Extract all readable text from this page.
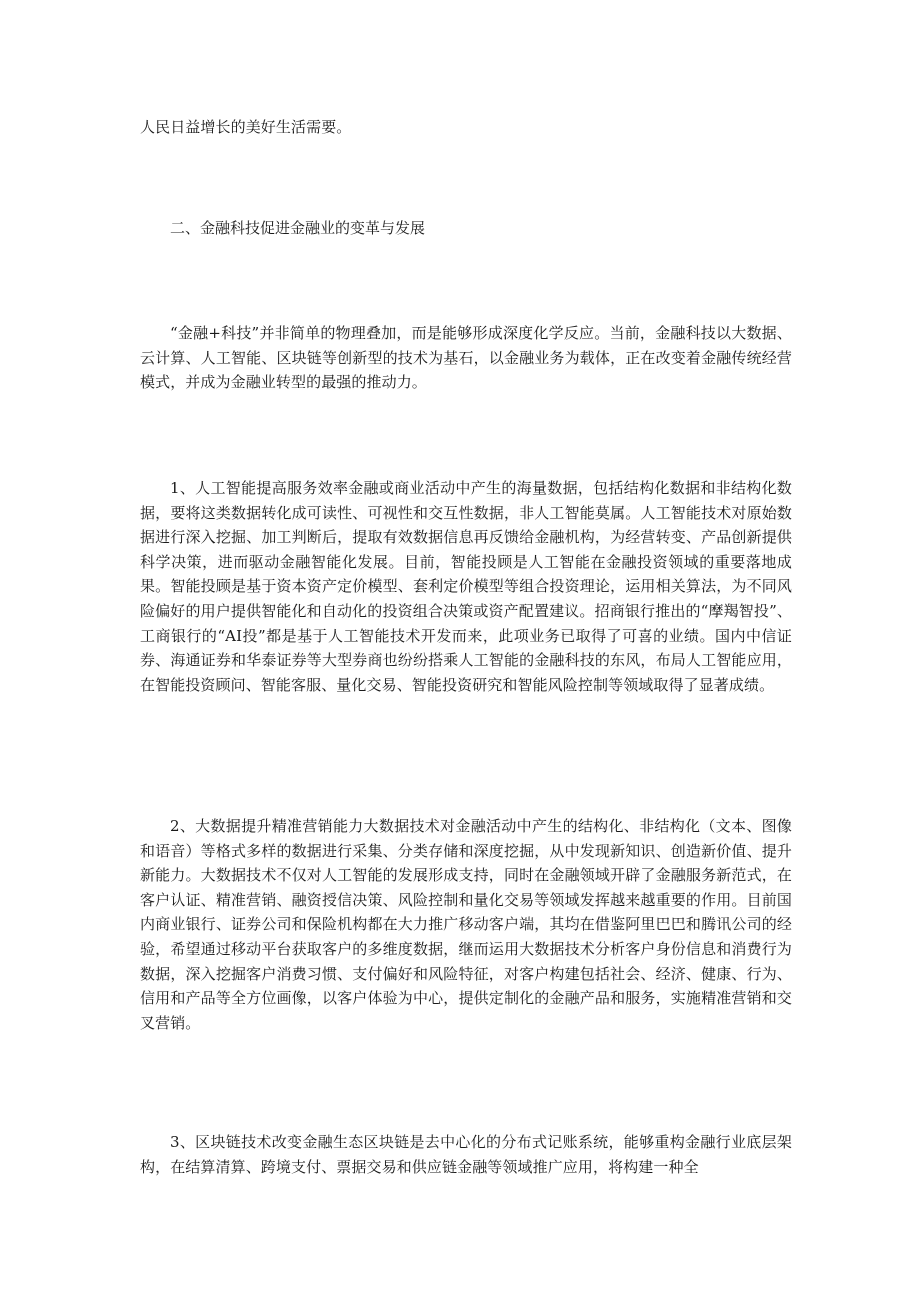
人民日益增长的美好生活需要。

二、金融科技促进金融业的变革与发展

“金融+科技”并非简单的物理叠加，而是能够形成深度化学反应。当前，金融科技以大数据、云计算、人工智能、区块链等创新型的技术为基石，以金融业务为载体，正在改变着金融传统经营模式，并成为金融业转型的最强的推动力。

1、人工智能提高服务效率金融或商业活动中产生的海量数据，包括结构化数据和非结构化数据，要将这类数据转化成可读性、可视性和交互性数据，非人工智能莫属。人工智能技术对原始数据进行深入挖掘、加工判断后，提取有效数据信息再反馈给金融机构，为经营转变、产品创新提供科学决策，进而驱动金融智能化发展。目前，智能投顾是人工智能在金融投资领域的重要落地成果。智能投顾是基于资本资产定价模型、套利定价模型等组合投资理论，运用相关算法，为不同风险偏好的用户提供智能化和自动化的投资组合决策或资产配置建议。招商银行推出的“摩羯智投”、工商银行的“AI投”都是基于人工智能技术开发而来，此项业务已取得了可喜的业绩。国内中信证券、海通证券和华泰证券等大型券商也纷纷搭乘人工智能的金融科技的东风，布局人工智能应用，在智能投资顾问、智能客服、量化交易、智能投资研究和智能风险控制等领域取得了显著成绩。

2、大数据提升精准营销能力大数据技术对金融活动中产生的结构化、非结构化（文本、图像和语音）等格式多样的数据进行采集、分类存储和深度挖掘，从中发现新知识、创造新价值、提升新能力。大数据技术不仅对人工智能的发展形成支持，同时在金融领域开辟了金融服务新范式，在客户认证、精准营销、融资授信决策、风险控制和量化交易等领域发挥越来越重要的作用。目前国内商业银行、证券公司和保险机构都在大力推广移动客户端，其均在借鉴阿里巴巴和腾讯公司的经验，希望通过移动平台获取客户的多维度数据，继而运用大数据技术分析客户身份信息和消费行为数据，深入挖掘客户消费习惯、支付偏好和风险特征，对客户构建包括社会、经济、健康、行为、信用和产品等全方位画像，以客户体验为中心，提供定制化的金融产品和服务，实施精准营销和交叉营销。

3、区块链技术改变金融生态区块链是去中心化的分布式记账系统，能够重构金融行业底层架构，在结算清算、跨境支付、票据交易和供应链金融等领域推广应用，将构建一种全
